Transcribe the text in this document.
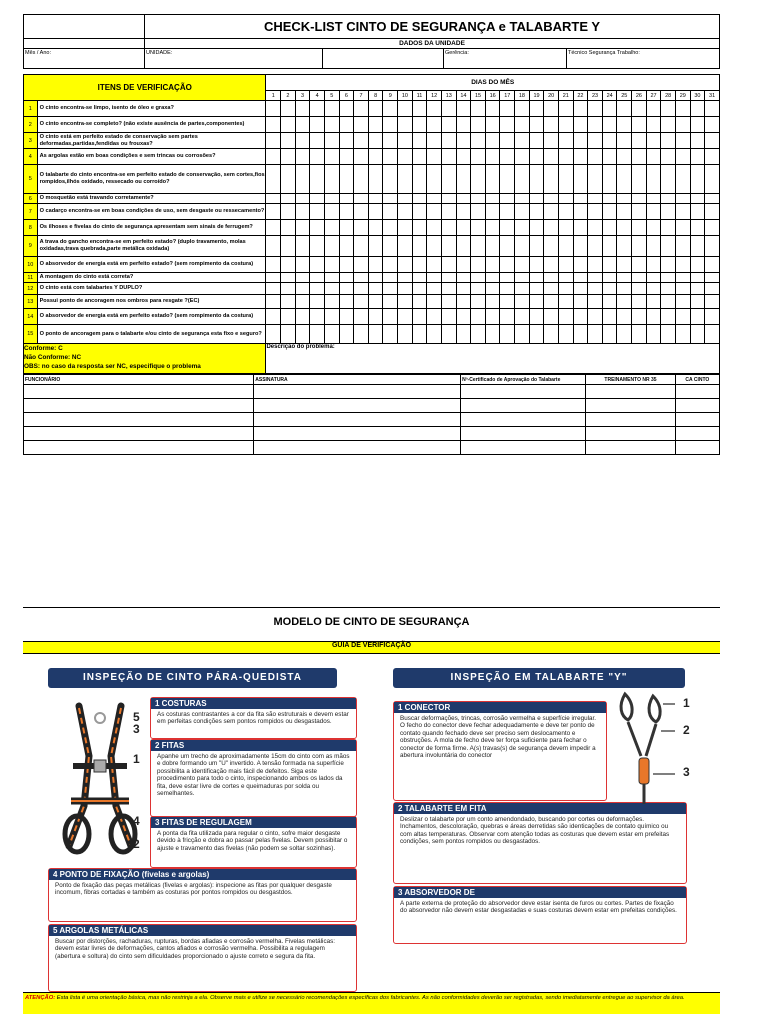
	CHECK-LIST CINTO DE SEGURANÇA e TALABARTE Y			
	DADOS DA UNIDADE			
Mês / Ano:	UNIDADE:		Gerência:	Técnico Segurança Trabalho:
ITENS DE VERIFICAÇÃO		DIAS DO MÊS																														
		1	2	3	4	5	6	7	8	9	10	11	12	13	14	15	16	17	18	19	20	21	22	23	24	25	26	27	28	29	30	31
1	O cinto encontra-se limpo, isento de óleo e graxa?																															
2	O cinto encontra-se completo? (não existe ausência de partes,componentes)																															
3	O cinto está em perfeito estado de conservação sem partes deformadas,partidas,fendidas ou frouxas?																															
4	As argolas estão em boas condições e sem trincas ou corrosões?																															
5	O talabarte do cinto encontra-se em perfeito estado de conservação, sem cortes,fios rompidos,ilhós oxidado, ressecado ou corroído?																															
6	O mosquetão está travando corretamente?																															
7	O cadarço encontra-se em boas condições de uso, sem desgaste ou ressecamento?																															
8	Os ilhoses e fivelas do cinto de segurança apresentam sem sinais de ferrugem?																															
9	A trava do gancho encontra-se em perfeito estado? (duplo travamento, molas oxidadas,trava quebrada,parte metálica oxidada)																															
10	O absorvedor de energia está em perfeito estado? (sem rompimento da costura)																															
11	A montagem do cinto está correta?																															
12	O cinto está com talabartes Y DUPLO?																															
13	Possui ponto de ancoragem nos ombros para resgate ?(EC)																															
14	O absorvedor de energia está em perfeito estado? (sem rompimento da costura)																															
15	O ponto de ancoragem para o talabarte e/ou cinto de segurança esta fixo e seguro?																															

Conforme: C
Não Conforme: NC
OBS: no caso da resposta ser NC, especifique o problema		Descrição do problema:																														
FUNCIONÁRIO	ASSINATURA	Nº-Certificado de Aprovação do Talabarte	TREINAMENTO NR 35	CA CINTO

MODELO DE CINTO DE SEGURANÇA
GUIA DE VERIFICAÇÃO
INSPEÇÃO DE CINTO PÁRA-QUEDISTA	INSPEÇÃO EM TALABARTE "Y"
5
3
1
4
2
1 COSTURAS
As costuras contrastantes a cor da fita são estruturais e devem estar em perfeitas condições sem pontos rompidos ou desgastados.
2 FITAS
Apanhe um trecho de aproximadamente 15cm do cinto com as mãos e dobre formando um "U" invertido. A tensão formada na superfície possibilita a identificação mais fácil de defeitos. Siga este procedimento para todo o cinto, inspecionando ambos os lados da fita, deve estar livre de cortes e queimaduras por solda ou semelhantes.
3 FITAS DE REGULAGEM
A ponta da fita utilizada para regular o cinto, sofre maior desgaste devido à fricção e dobra ao passar pelas fivelas. Devem possibitar o ajuste e travamento das fivelas (não podem se soltar sozinhas).
4 PONTO DE FIXAÇÃO (fivelas e argolas)
Ponto de fixação das peças metálicas (fivelas e argolas): inspecione as fitas por qualquer desgaste incomum, fibras cortadas e também as costuras por pontos rompidos ou desgastdos.
5 ARGOLAS METÁLICAS
Buscar por distorções, rachaduras, rupturas, bordas afiadas e corrosão vermelha. Fivelas metálicas: devem estar livres de deformações, cantos afiados e corrosão vermelha. Possibilita a regulagem (abertura e soltura) do cinto sem dificuldades proporcionado o ajuste correto e segura da fita.
1 CONECTOR
Buscar deformações, trincas, corrosão vermelha e superfície irregular. O fecho do conector deve fechar adequadamente e deve ter ponto de contato quando fechado deve ser preciso sem deslocamento e obstruções. A mola de fecho deve ter força suficiente para fechar o conector de forma firme. A(s) travas(s) de segurança devem impedir a abertura involuntária do conector
2 TALABARTE EM FITA
Deslizar o talabarte por um conto amendondado, buscando por cortes ou deformações. Inchamentos, descoloração, quebras e áreas derretidas são identicações de contato químico ou com altas temperaturas. Observar com atenção todas as costuras que devem estar em prefeitas condições, sem pontos rompidos ou desgastados.
3 ABSORVEDOR DE
A parte externa de proteção do absorvedor deve estar isenta de furos ou cortes. Partes de fixação do absorvedor não devem estar desgastadas e suas costuras devem estar em prefeitas condições.
1
2
3
ATENÇÃO: Esta lista é uma orientação básica, mas não restrinja a ela. Observe mais e utilize se necessário recomendações específicas dos fabricantes. As não conformidades deverão ser registradas, sendo imediatamente entregue ao supervisor da área.
